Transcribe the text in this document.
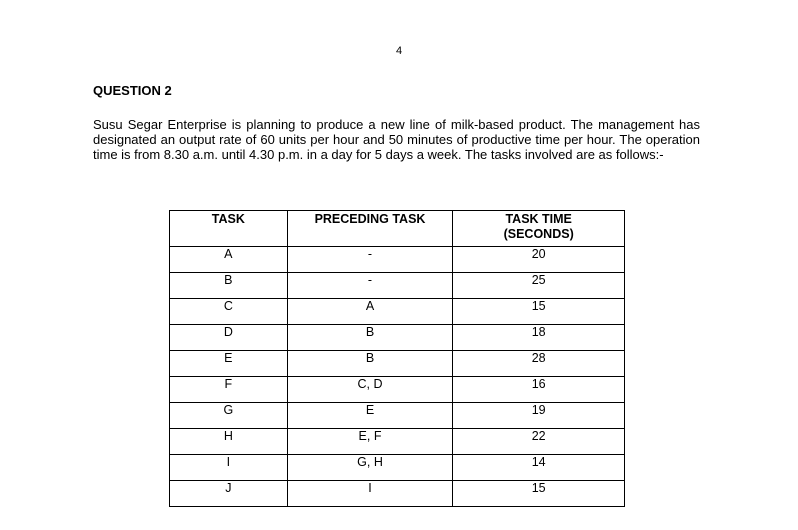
4
QUESTION 2
Susu Segar Enterprise is planning to produce a new line of milk-based product. The management has designated an output rate of 60 units per hour and 50 minutes of productive time per hour. The operation time is from 8.30 a.m. until 4.30 p.m. in a day for 5 days a week. The tasks involved are as follows:-
TASK	PRECEDING TASK	TASK TIME
(SECONDS)
A	-	20
B	-	25
C	A	15
D	B	18
E	B	28
F	C, D	16
G	E	19
H	E, F	22
I	G, H	14
J	I	15
